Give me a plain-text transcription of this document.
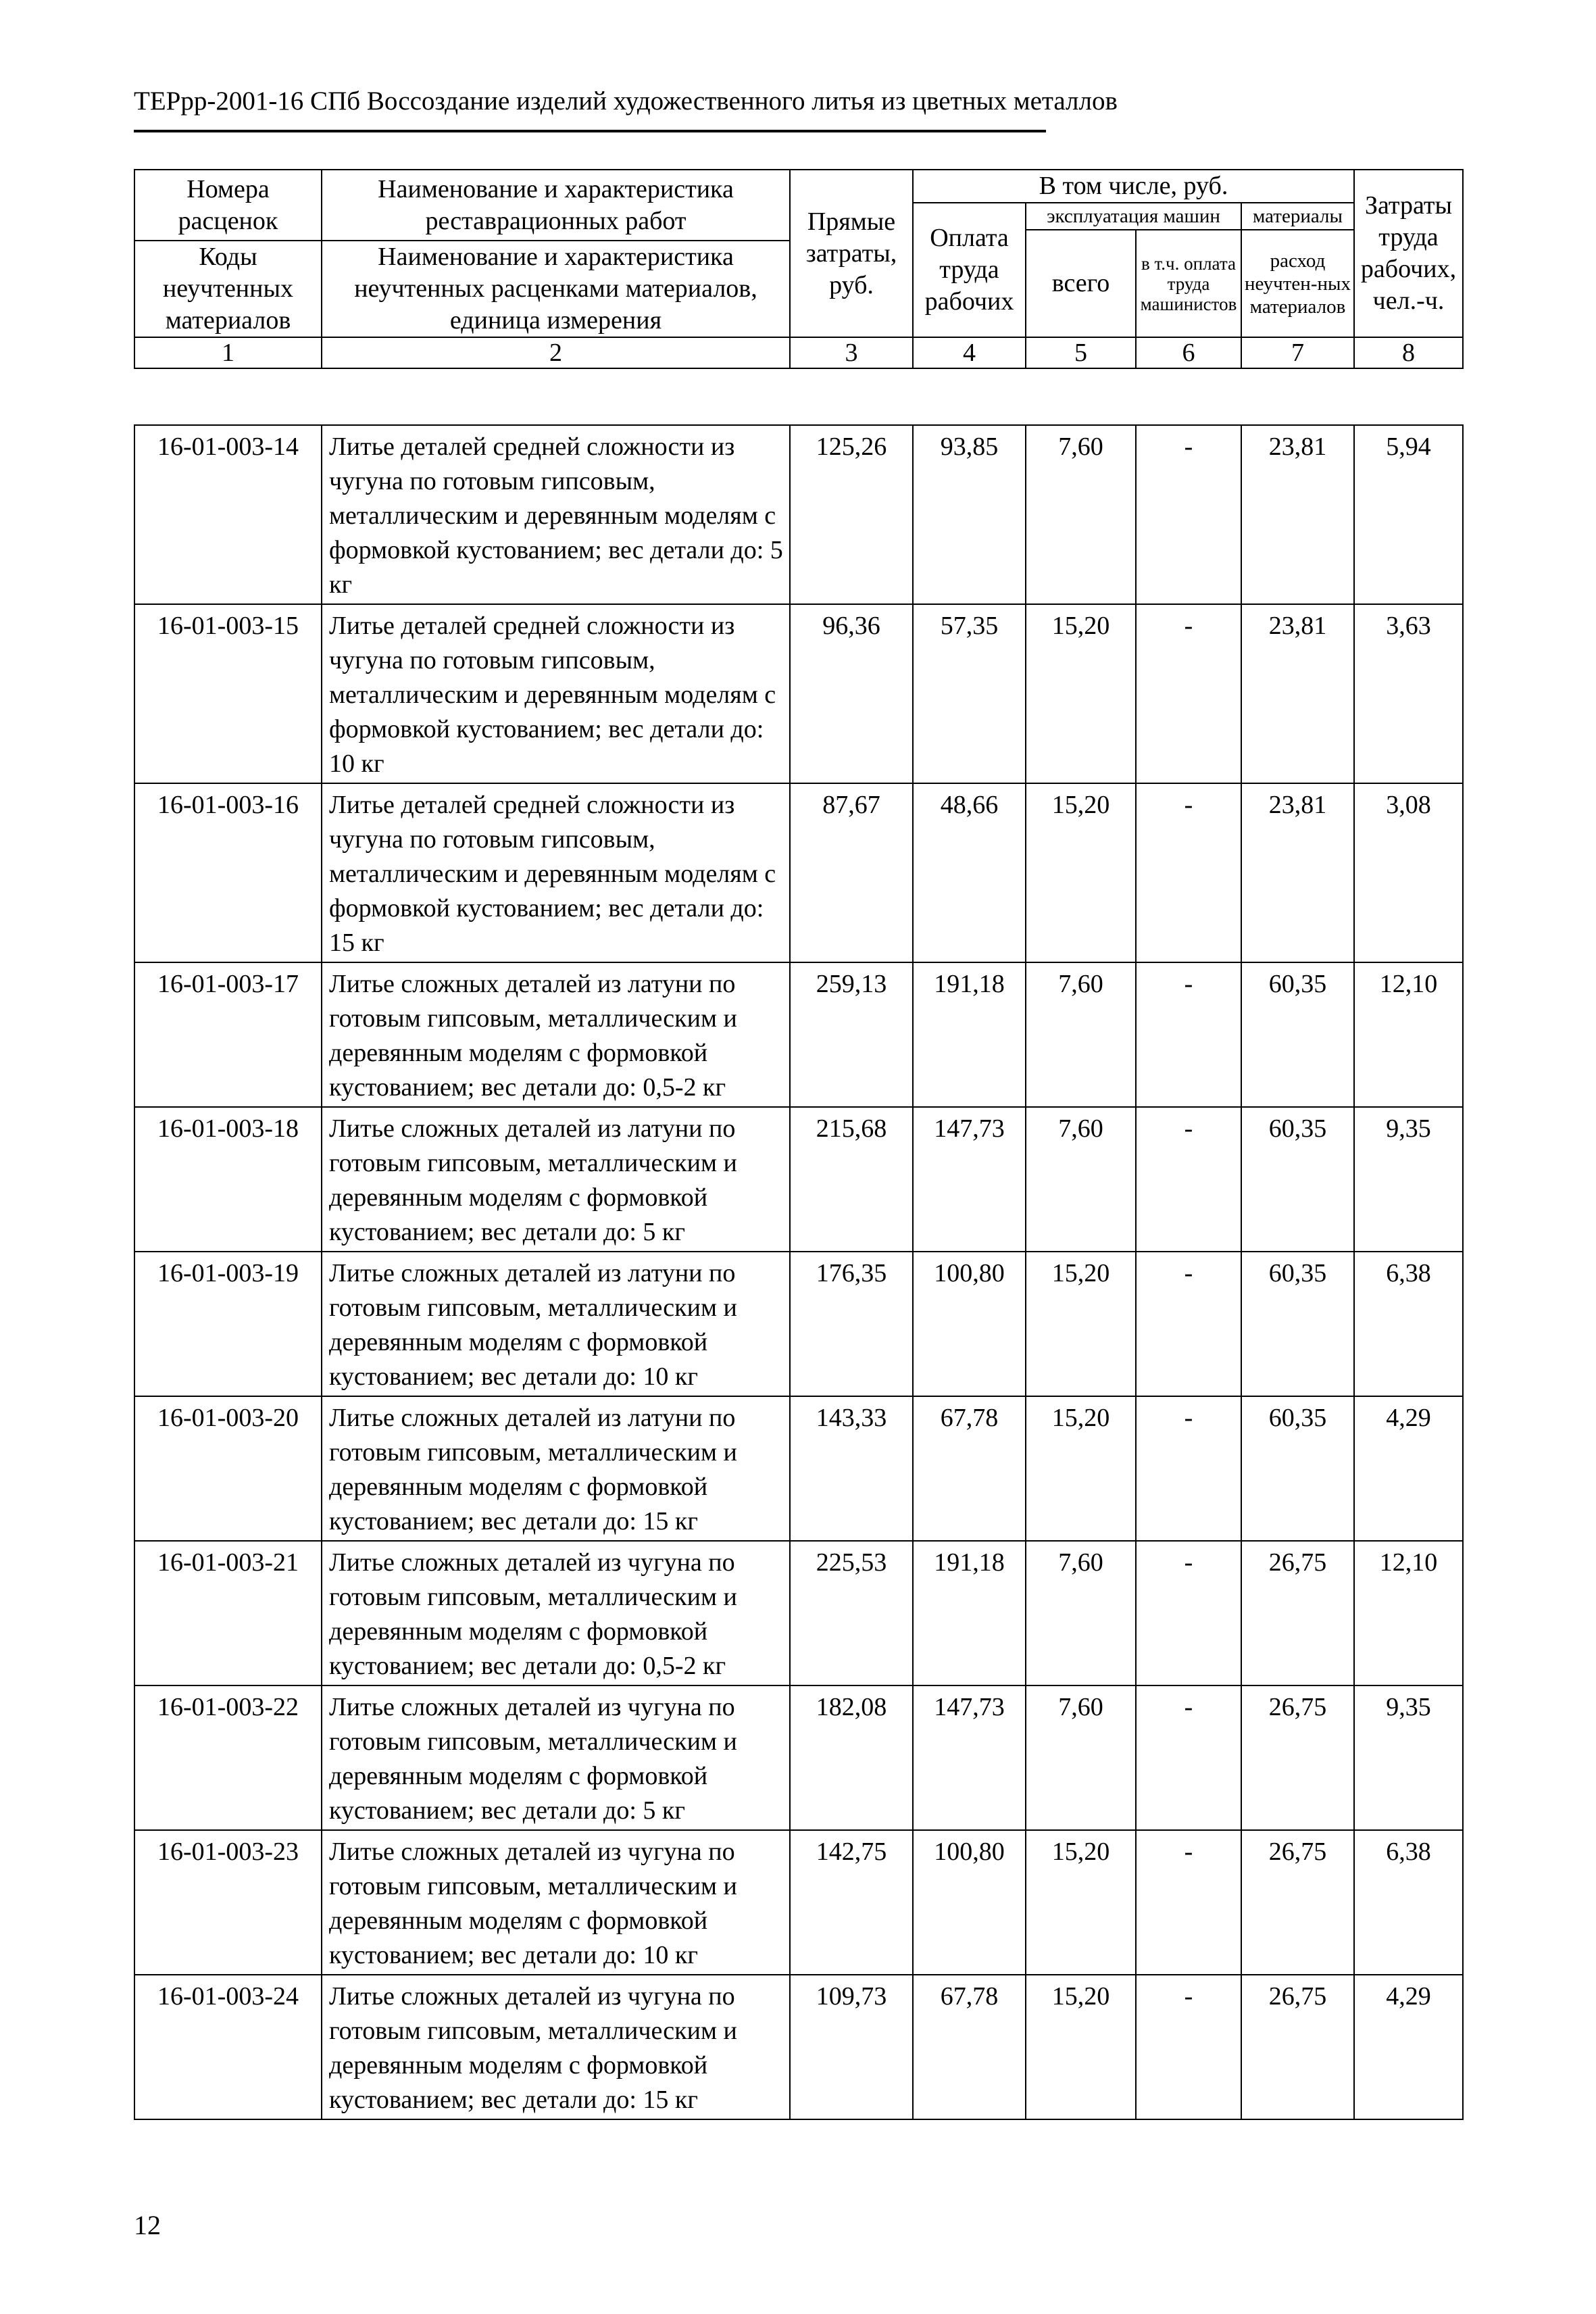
ТЕРрр-2001-16 СПб Воссоздание изделий художественного литья из цветных металлов
Номера расценок	Наименование и характеристика реставрационных работ	Прямые затраты, руб.	В том числе, руб.				Затраты труда рабочих, чел.-ч.
			Оплата труда рабочих	эксплуатация машин		материалы	
				всего	в т.ч. оплата труда машинистов	расход неучтен-ных материалов	
Коды неучтенных материалов	Наименование и характеристика неучтенных расценками материалов, единица измерения						

1	2	3	4	5	6	7	8
16-01-003-14	Литье деталей средней сложности из чугуна по готовым гипсовым, металлическим и деревянным моделям с формовкой кустованием; вес детали до: 5 кг	125,26	93,85	7,60	-	23,81	5,94
16-01-003-15	Литье деталей средней сложности из чугуна по готовым гипсовым, металлическим и деревянным моделям с формовкой кустованием; вес детали до: 10 кг	96,36	57,35	15,20	-	23,81	3,63
16-01-003-16	Литье деталей средней сложности из чугуна по готовым гипсовым, металлическим и деревянным моделям с формовкой кустованием; вес детали до: 15 кг	87,67	48,66	15,20	-	23,81	3,08
16-01-003-17	Литье сложных деталей из латуни по готовым гипсовым, металлическим и деревянным моделям с формовкой кустованием; вес детали до: 0,5-2 кг	259,13	191,18	7,60	-	60,35	12,10
16-01-003-18	Литье сложных деталей из латуни по готовым гипсовым, металлическим и деревянным моделям с формовкой кустованием; вес детали до: 5 кг	215,68	147,73	7,60	-	60,35	9,35
16-01-003-19	Литье сложных деталей из латуни по готовым гипсовым, металлическим и деревянным моделям с формовкой кустованием; вес детали до: 10 кг	176,35	100,80	15,20	-	60,35	6,38
16-01-003-20	Литье сложных деталей из латуни по готовым гипсовым, металлическим и деревянным моделям с формовкой кустованием; вес детали до: 15 кг	143,33	67,78	15,20	-	60,35	4,29
16-01-003-21	Литье сложных деталей из чугуна по готовым гипсовым, металлическим и деревянным моделям с формовкой кустованием; вес детали до: 0,5-2 кг	225,53	191,18	7,60	-	26,75	12,10
16-01-003-22	Литье сложных деталей из чугуна по готовым гипсовым, металлическим и деревянным моделям с формовкой кустованием; вес детали до: 5 кг	182,08	147,73	7,60	-	26,75	9,35
16-01-003-23	Литье сложных деталей из чугуна по готовым гипсовым, металлическим и деревянным моделям с формовкой кустованием; вес детали до: 10 кг	142,75	100,80	15,20	-	26,75	6,38
16-01-003-24	Литье сложных деталей из чугуна по готовым гипсовым, металлическим и деревянным моделям с формовкой кустованием; вес детали до: 15 кг	109,73	67,78	15,20	-	26,75	4,29
12
